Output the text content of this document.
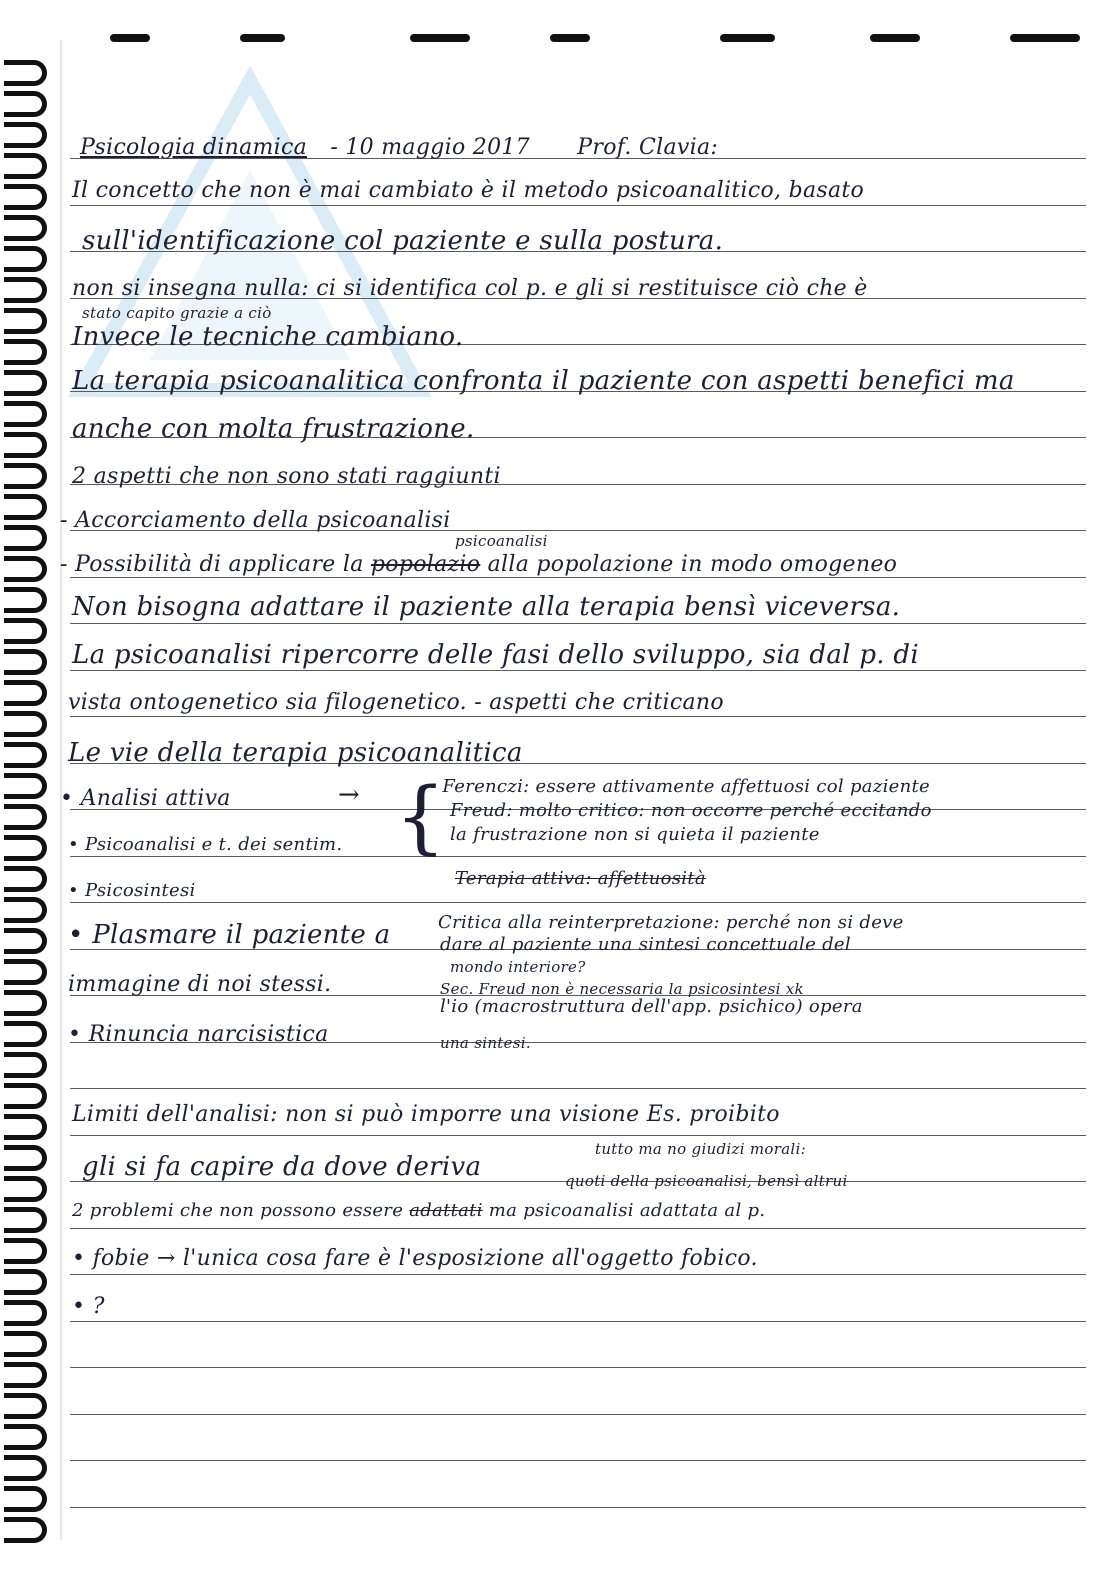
Psicologia dinamica - 10 maggio 2017 Prof. Clavia:
Il concetto che non è mai cambiato è il metodo psicoanalitico, basato
sull'identificazione col paziente e sulla postura.
non si insegna nulla: ci si identifica col p. e gli si restituisce ciò che è
stato capito grazie a ciò
Invece le tecniche cambiano.
La terapia psicoanalitica confronta il paziente con aspetti benefici ma
anche con molta frustrazione.
2 aspetti che non sono stati raggiunti
- Accorciamento della psicoanalisi
psicoanalisi
- Possibilità di applicare la popolazio alla popolazione in modo omogeneo
Non bisogna adattare il paziente alla terapia bensì viceversa.
La psicoanalisi ripercorre delle fasi dello sviluppo, sia dal p. di
vista ontogenetico sia filogenetico. - aspetti che criticano
Le vie della terapia psicoanalitica
• Analisi attiva
• Psicoanalisi e t. dei sentim.
• Psicosintesi
• Plasmare il paziente a
immagine di noi stessi.
• Rinuncia narcisistica
→ {
- Ferenczi: essere attivamente affettuosi col paziente
Freud: molto critico: non occorre perché eccitando
la frustrazione non si quieta il paziente
Terapia attiva: affettuosità
Critica alla reinterpretazione: perché non si deve
dare al paziente una sintesi concettuale del
mondo interiore?
Sec. Freud non è necessaria la psicosintesi xk
l'io (macrostruttura dell'app. psichico) opera
una sintesi.
Limiti dell'analisi: non si può imporre una visione Es. proibito
tutto ma no giudizi morali:
gli si fa capire da dove deriva	quoti della psicoanalisi, bensì altrui
2 problemi che non possono essere adattati ma psicoanalisi adattata al p.
• fobie → l'unica cosa fare è l'esposizione all'oggetto fobico.
• ?
